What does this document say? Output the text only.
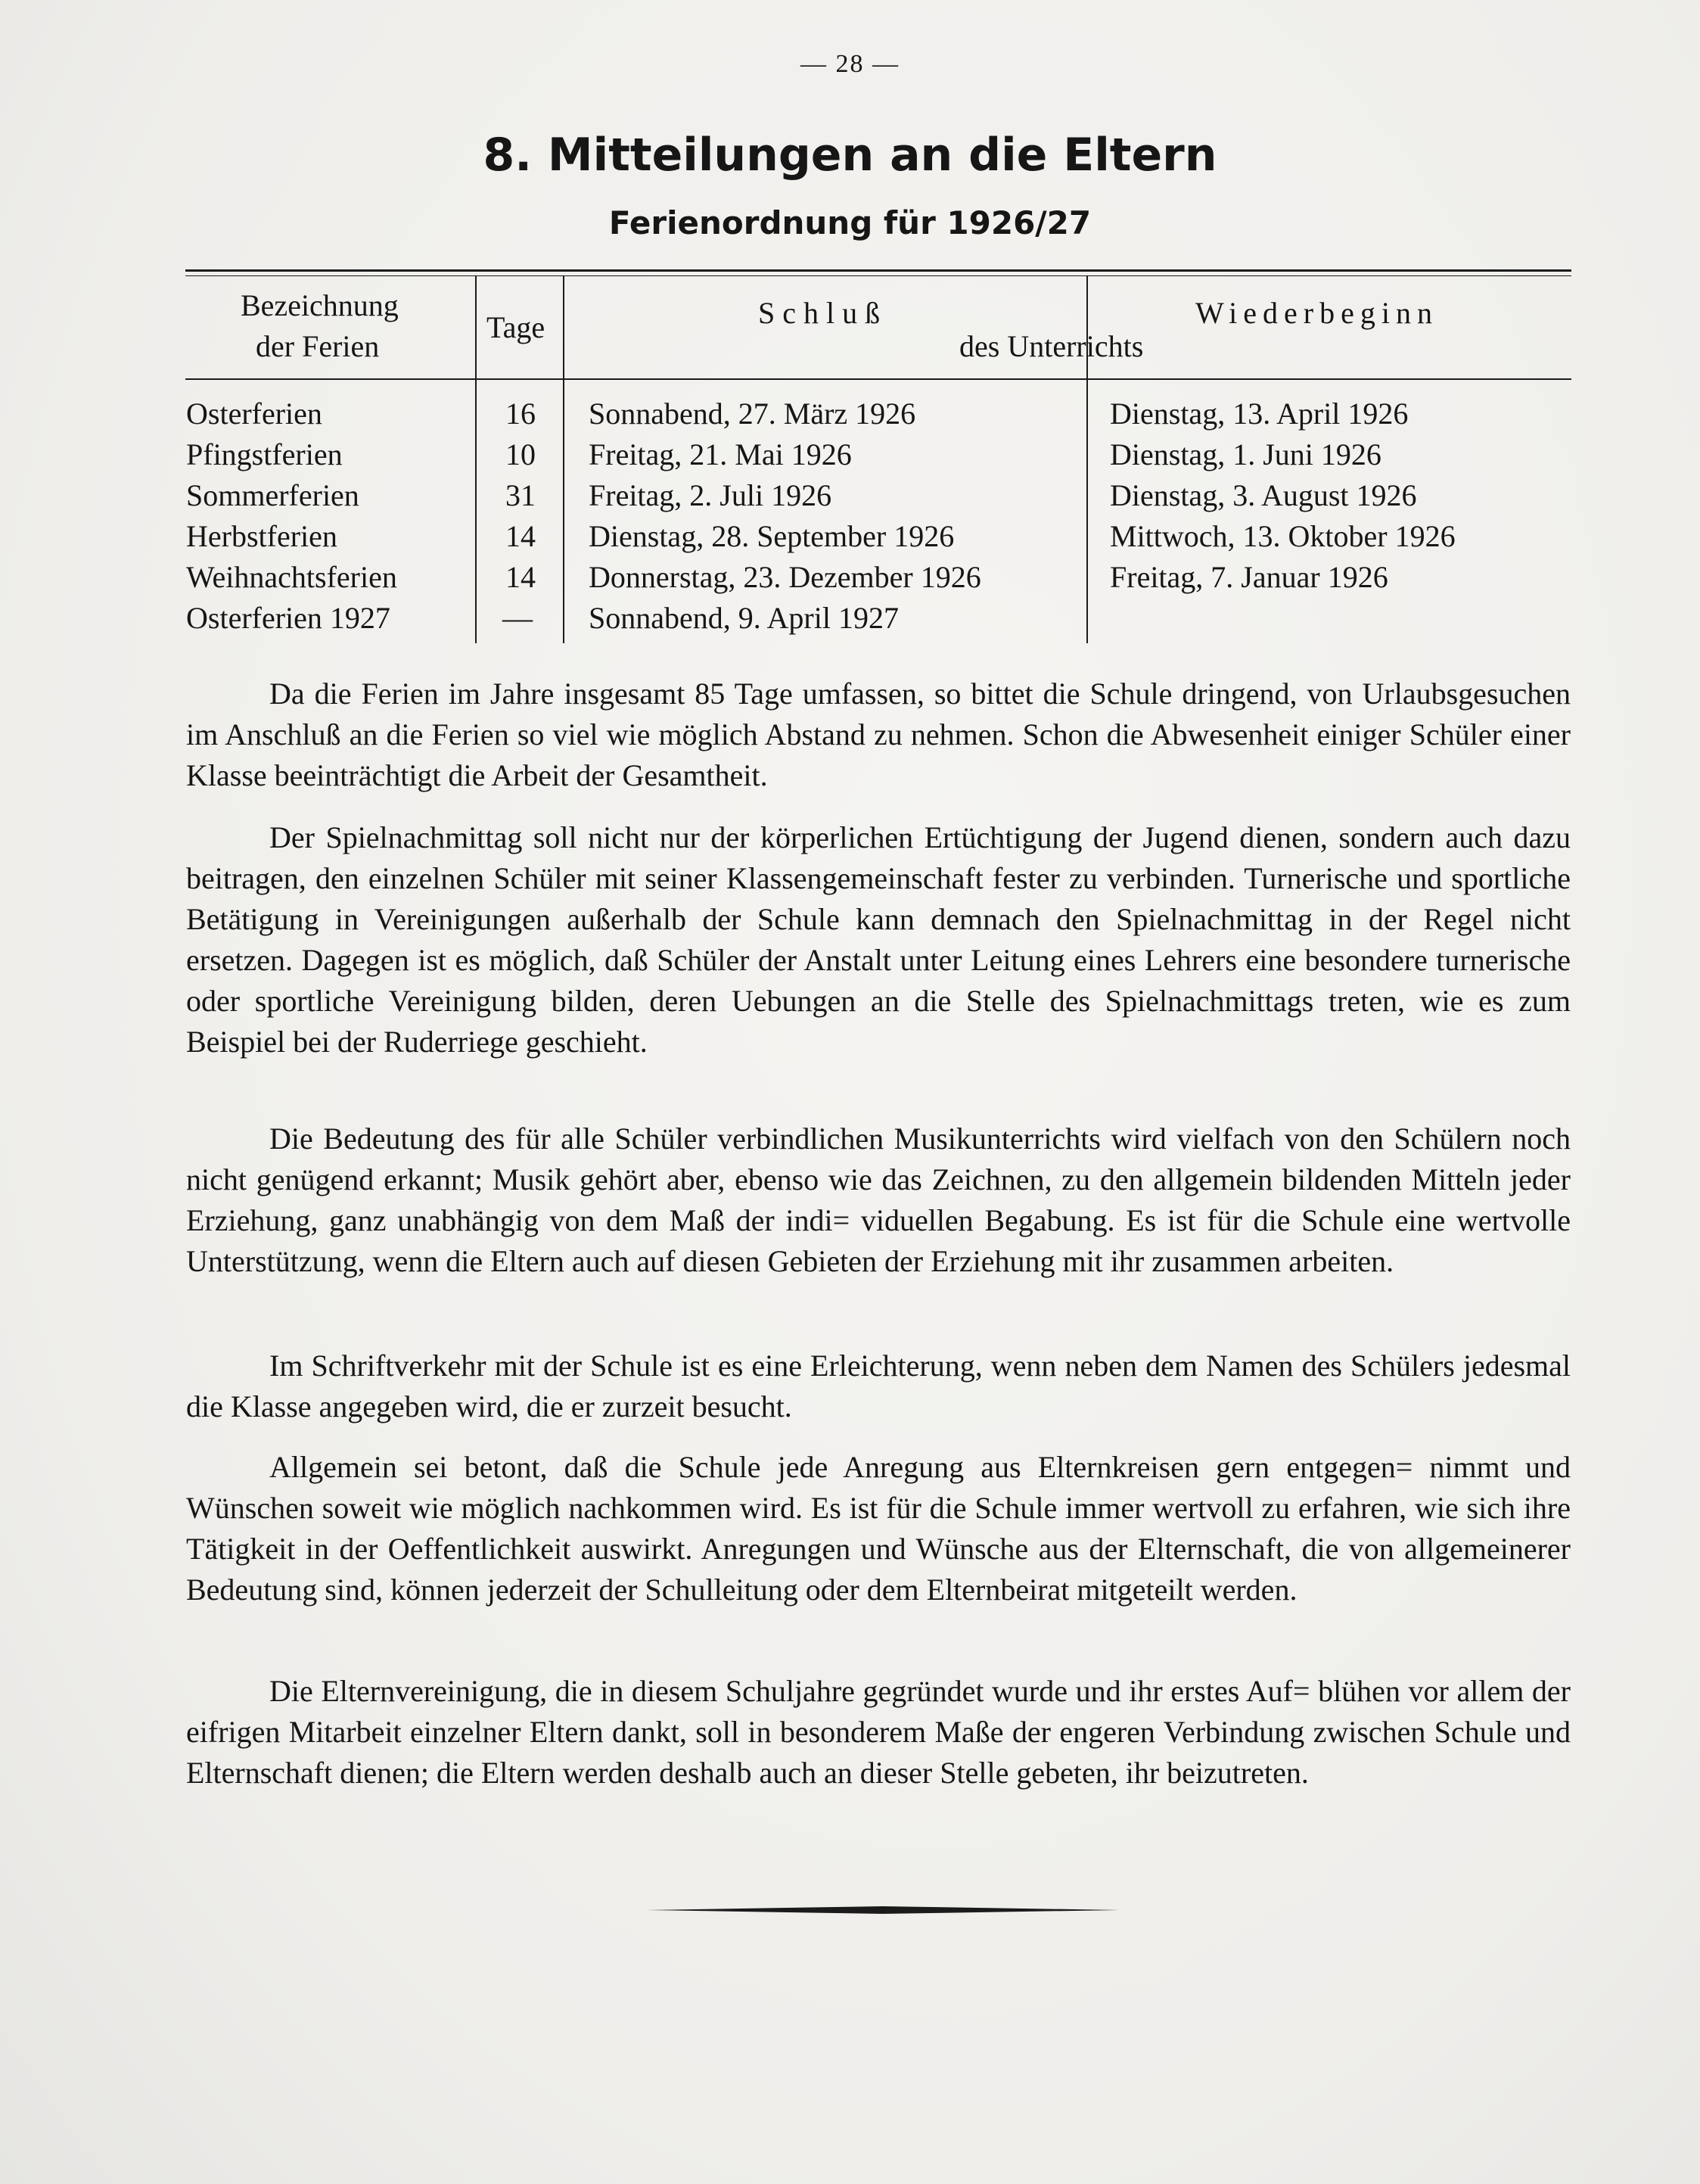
— 28 —
8. Mitteilungen an die Eltern
Ferienordnung für 1926/27
Bezeichnung
der Ferien
Tage	Schluß	Wiederbeginn
des Unterrichts
Osterferien	16 Sonnabend, 27. März 1926	Dienstag, 13. April 1926
Pfingstferien	10 Freitag, 21. Mai 1926	Dienstag, 1. Juni 1926
Sommerferien	31 Freitag, 2. Juli 1926	Dienstag, 3. August 1926
Herbstferien	14 Dienstag, 28. September 1926	Mittwoch, 13. Oktober 1926
Weihnachtsferien	14 Donnerstag, 23. Dezember 1926	Freitag, 7. Januar 1926
Osterferien 1927	— Sonnabend, 9. April 1927

Da die Ferien im Jahre insgesamt 85 Tage umfassen, so bittet die Schule dringend, von Urlaubsgesuchen im Anschluß an die Ferien so viel wie möglich Abstand zu nehmen. Schon die Abwesenheit einiger Schüler einer Klasse beeinträchtigt die Arbeit der Gesamtheit.

Der Spielnachmittag soll nicht nur der körperlichen Ertüchtigung der Jugend dienen, sondern auch dazu beitragen, den einzelnen Schüler mit seiner Klassengemeinschaft fester zu verbinden. Turnerische und sportliche Betätigung in Vereinigungen außerhalb der Schule kann demnach den Spielnachmittag in der Regel nicht ersetzen. Dagegen ist es möglich, daß Schüler der Anstalt unter Leitung eines Lehrers eine besondere turnerische oder sportliche Vereinigung bilden, deren Uebungen an die Stelle des Spielnachmittags treten, wie es zum Beispiel bei der Ruderriege geschieht.

Die Bedeutung des für alle Schüler verbindlichen Musikunterrichts wird vielfach von den Schülern noch nicht genügend erkannt; Musik gehört aber, ebenso wie das Zeichnen, zu den allgemein bildenden Mitteln jeder Erziehung, ganz unabhängig von dem Maß der indi= viduellen Begabung. Es ist für die Schule eine wertvolle Unterstützung, wenn die Eltern auch auf diesen Gebieten der Erziehung mit ihr zusammen arbeiten.

Im Schriftverkehr mit der Schule ist es eine Erleichterung, wenn neben dem Namen des Schülers jedesmal die Klasse angegeben wird, die er zurzeit besucht.

Allgemein sei betont, daß die Schule jede Anregung aus Elternkreisen gern entgegen= nimmt und Wünschen soweit wie möglich nachkommen wird. Es ist für die Schule immer wertvoll zu erfahren, wie sich ihre Tätigkeit in der Oeffentlichkeit auswirkt. Anregungen und Wünsche aus der Elternschaft, die von allgemeinerer Bedeutung sind, können jederzeit der Schulleitung oder dem Elternbeirat mitgeteilt werden.

Die Elternvereinigung, die in diesem Schuljahre gegründet wurde und ihr erstes Auf= blühen vor allem der eifrigen Mitarbeit einzelner Eltern dankt, soll in besonderem Maße der engeren Verbindung zwischen Schule und Elternschaft dienen; die Eltern werden deshalb auch an dieser Stelle gebeten, ihr beizutreten.
